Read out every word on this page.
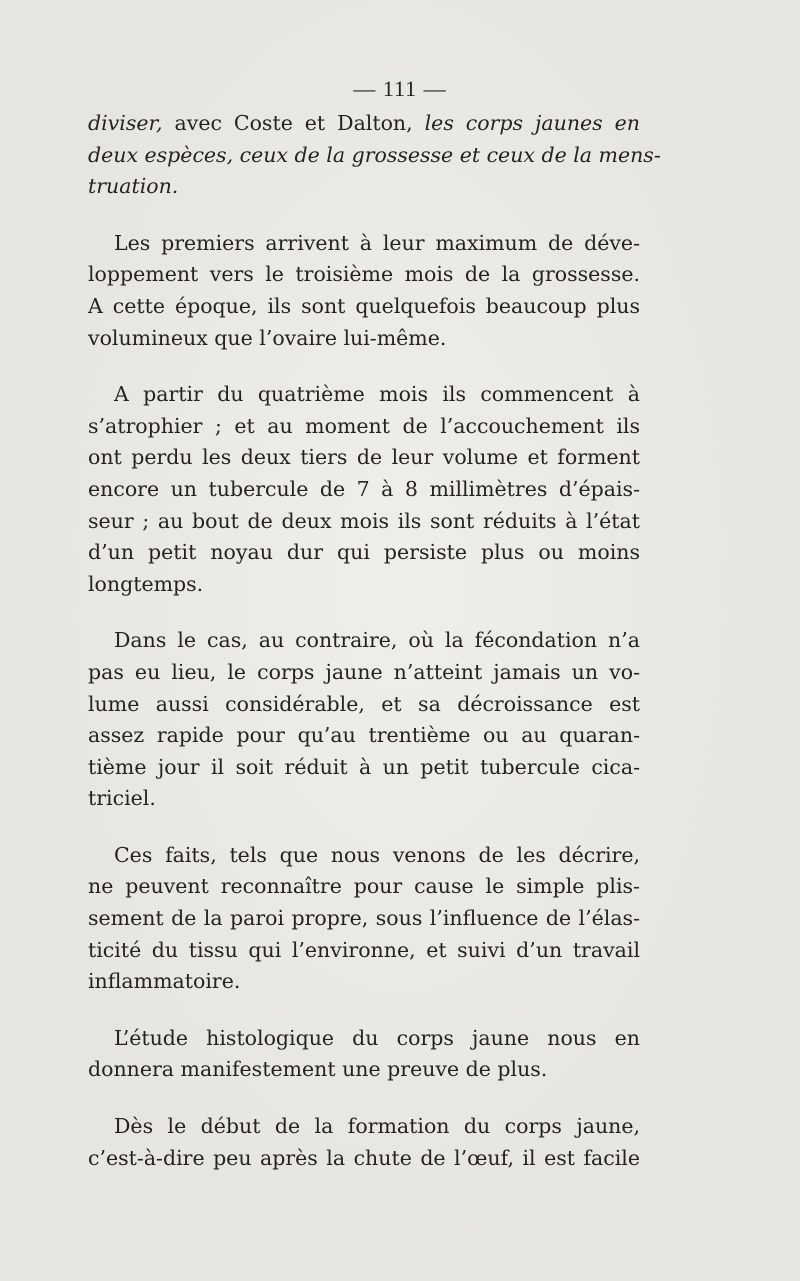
— 111 —

diviser, avec Coste et Dalton, les corps jaunes en
deux espèces, ceux de la grossesse et ceux de la mens-
truation.

Les premiers arrivent à leur maximum de déve-
loppement vers le troisième mois de la grossesse.
A cette époque, ils sont quelquefois beaucoup plus
volumineux que l’ovaire lui-même.

A partir du quatrième mois ils commencent à
s’atrophier ; et au moment de l’accouchement ils
ont perdu les deux tiers de leur volume et forment
encore un tubercule de 7 à 8 millimètres d’épais-
seur ; au bout de deux mois ils sont réduits à l’état
d’un petit noyau dur qui persiste plus ou moins
longtemps.

Dans le cas, au contraire, où la fécondation n’a
pas eu lieu, le corps jaune n’atteint jamais un vo-
lume aussi considérable, et sa décroissance est
assez rapide pour qu’au trentième ou au quaran-
tième jour il soit réduit à un petit tubercule cica-
triciel.

Ces faits, tels que nous venons de les décrire,
ne peuvent reconnaître pour cause le simple plis-
sement de la paroi propre, sous l’influence de l’élas-
ticité du tissu qui l’environne, et suivi d’un travail
inflammatoire.

L’étude histologique du corps jaune nous en
donnera manifestement une preuve de plus.

Dès le début de la formation du corps jaune,
c’est-à-dire peu après la chute de l’œuf, il est facile
